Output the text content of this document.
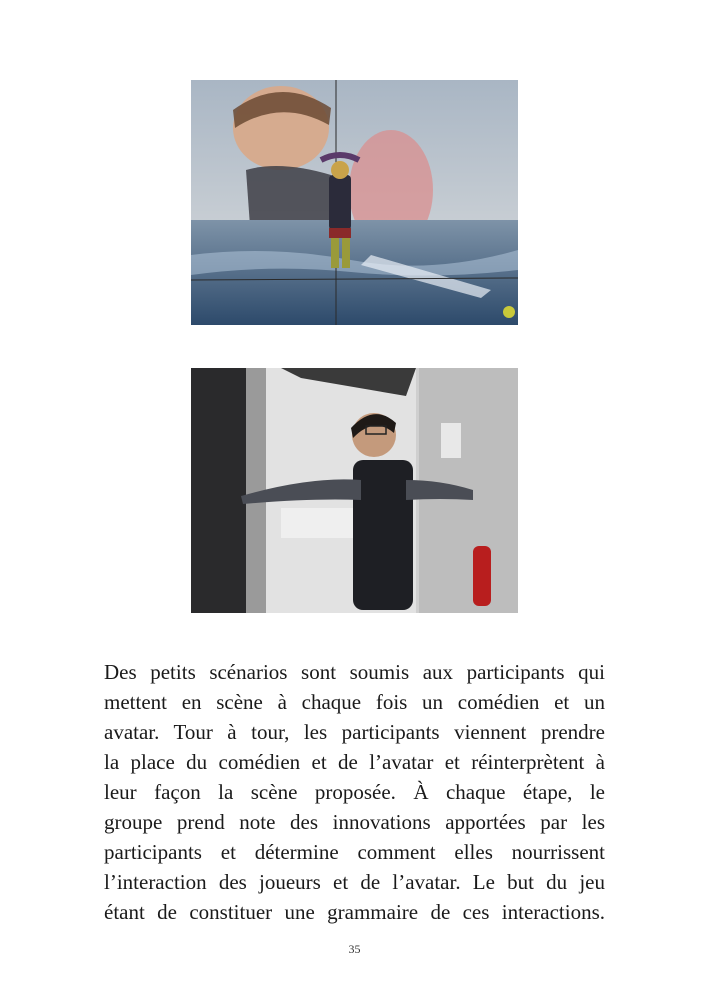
Des petits scénarios sont soumis aux participants qui
mettent en scène à chaque fois un comédien et un
avatar. Tour à tour, les participants viennent prendre
la place du comédien et de l’avatar et réinterprètent à
leur façon la scène proposée. À chaque étape, le
groupe prend note des innovations apportées par les
participants et détermine comment elles nourrissent
l’interaction des joueurs et de l’avatar. Le but du jeu
étant de constituer une grammaire de ces interactions.

35
